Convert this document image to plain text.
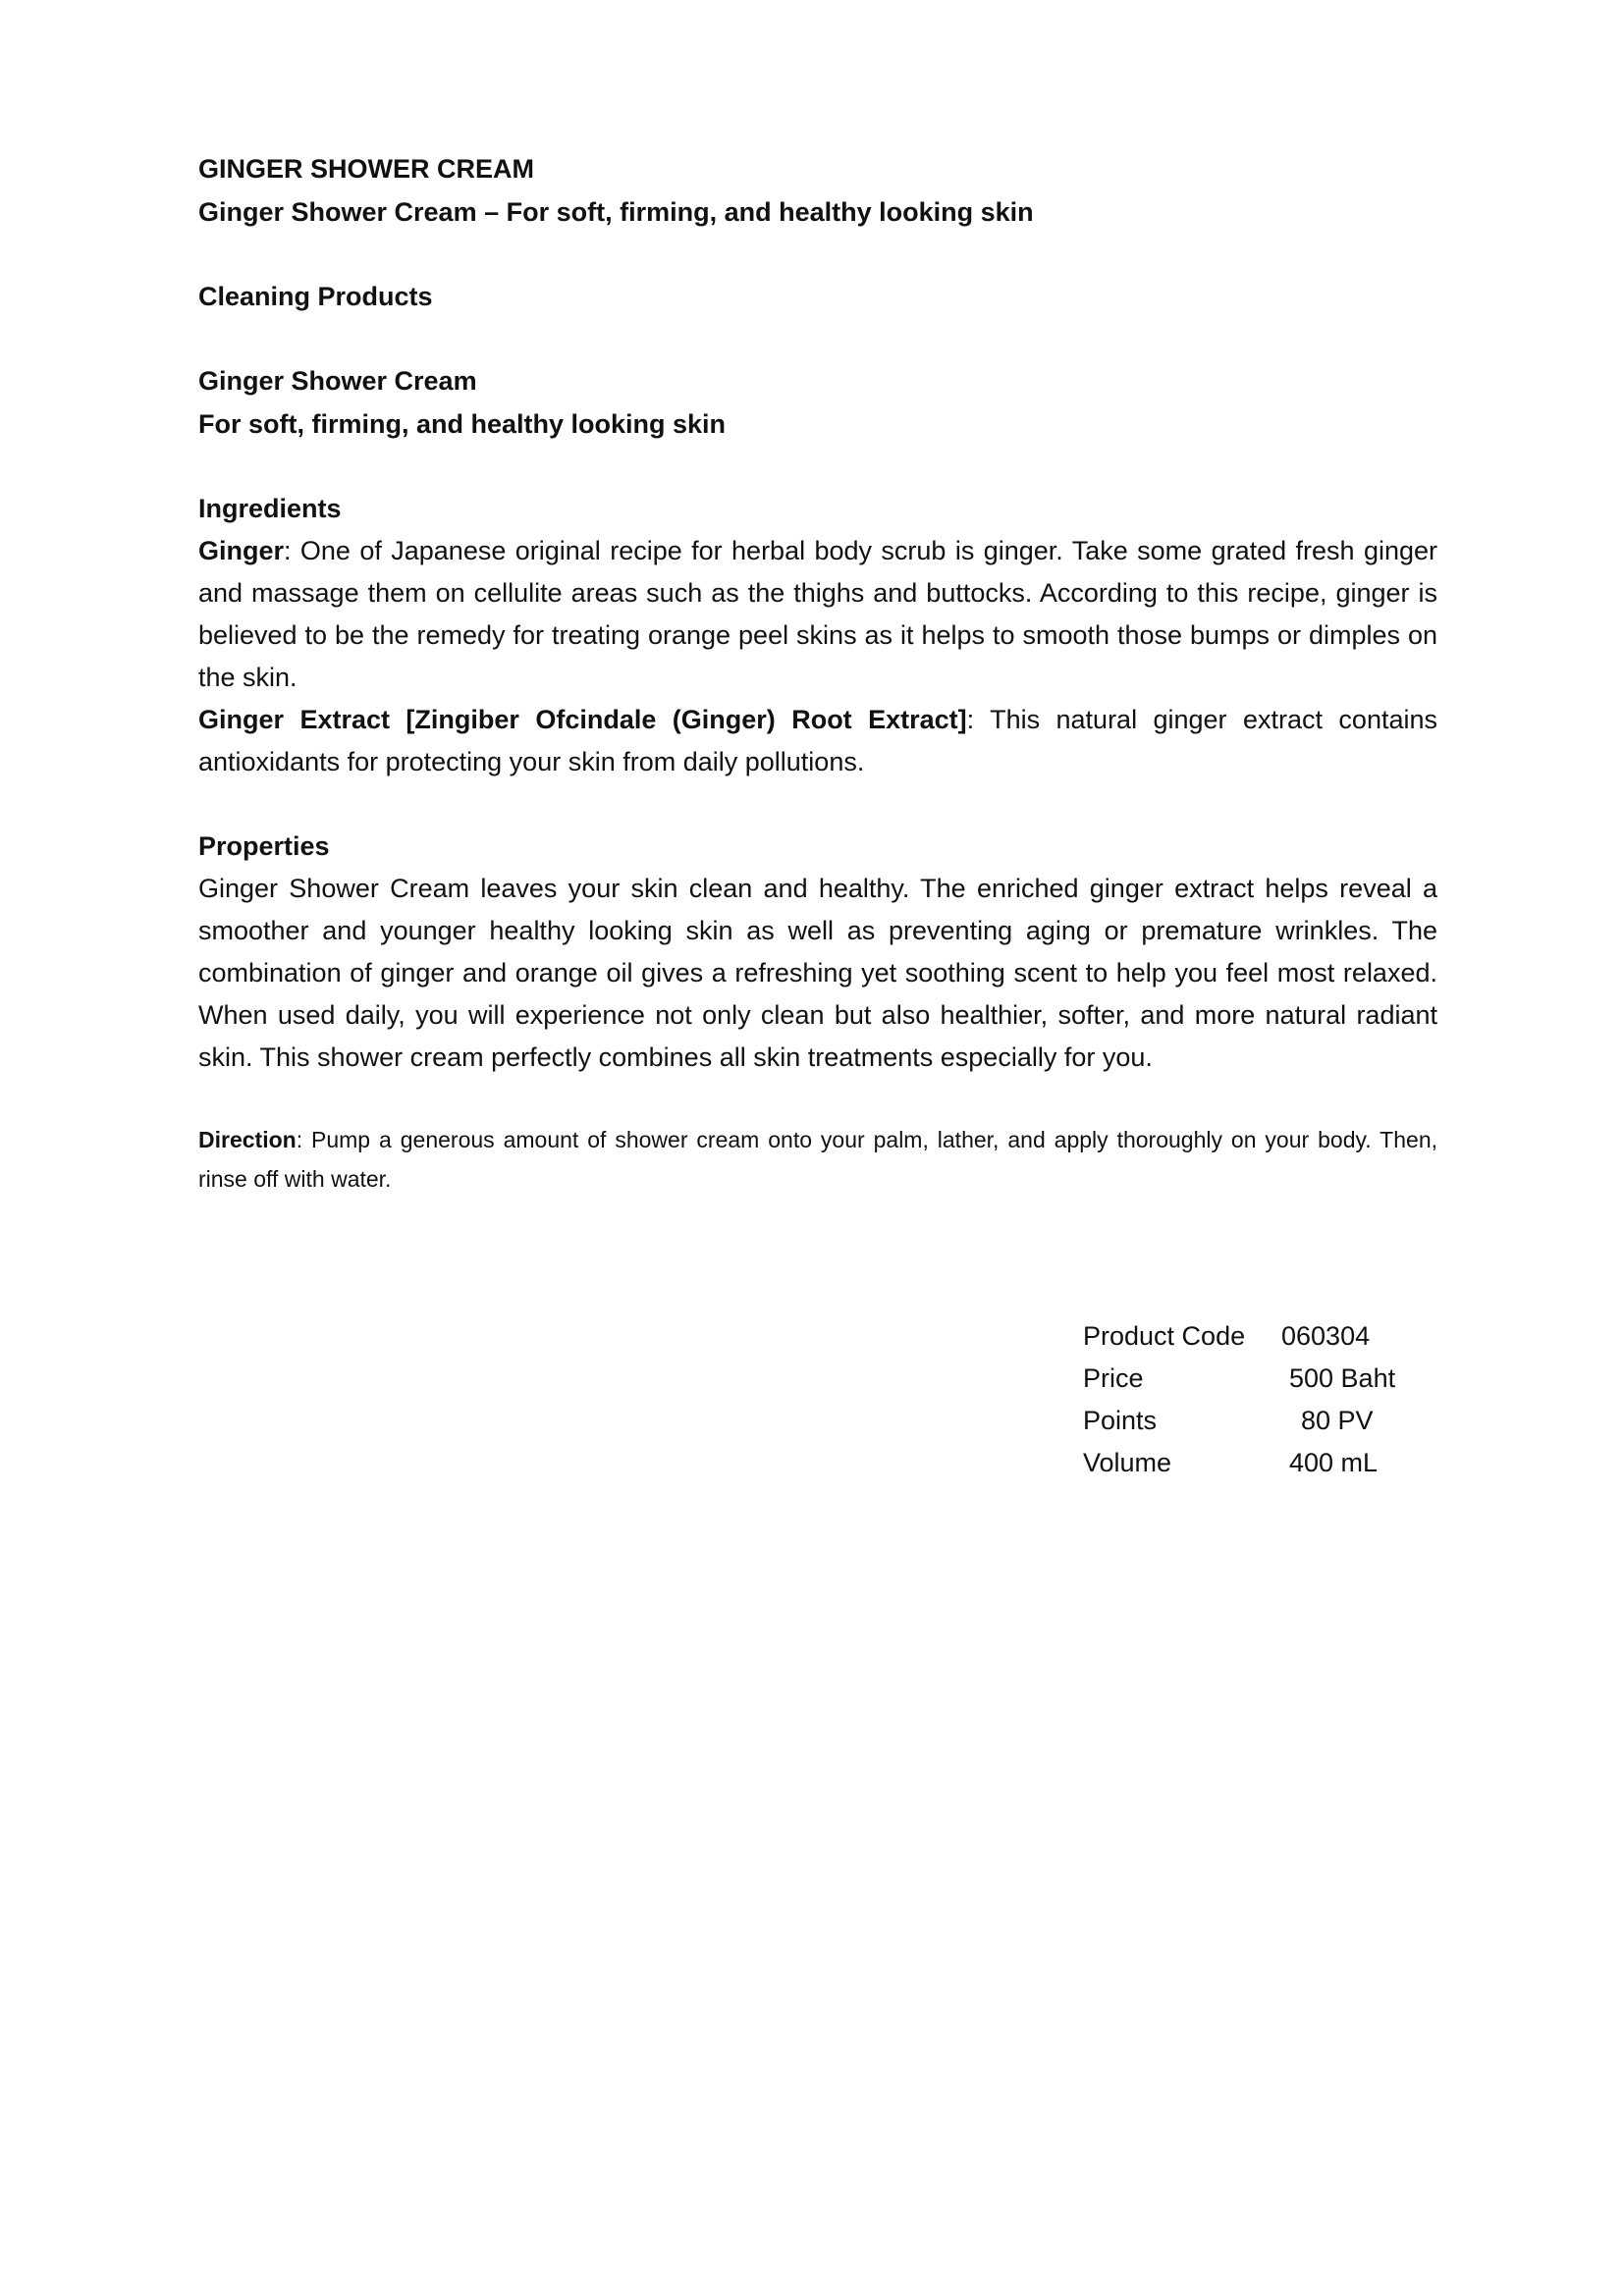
GINGER SHOWER CREAM

Ginger Shower Cream – For soft, firming, and healthy looking skin

Cleaning Products

Ginger Shower Cream

For soft, firming, and healthy looking skin

Ingredients

Ginger: One of Japanese original recipe for herbal body scrub is ginger. Take some grated fresh ginger and massage them on cellulite areas such as the thighs and buttocks. According to this recipe, ginger is believed to be the remedy for treating orange peel skins as it helps to smooth those bumps or dimples on the skin.

Ginger Extract [Zingiber Ofcindale (Ginger) Root Extract]: This natural ginger extract contains antioxidants for protecting your skin from daily pollutions.

Properties

Ginger Shower Cream leaves your skin clean and healthy. The enriched ginger extract helps reveal a smoother and younger healthy looking skin as well as preventing aging or premature wrinkles. The combination of ginger and orange oil gives a refreshing yet soothing scent to help you feel most relaxed. When used daily, you will experience not only clean but also healthier, softer, and more natural radiant skin. This shower cream perfectly combines all skin treatments especially for you.

Direction: Pump a generous amount of shower cream onto your palm, lather, and apply thoroughly on your body. Then, rinse off with water.

Product Code	060304
Price	500 Baht
Points	80 PV
Volume	400 mL
